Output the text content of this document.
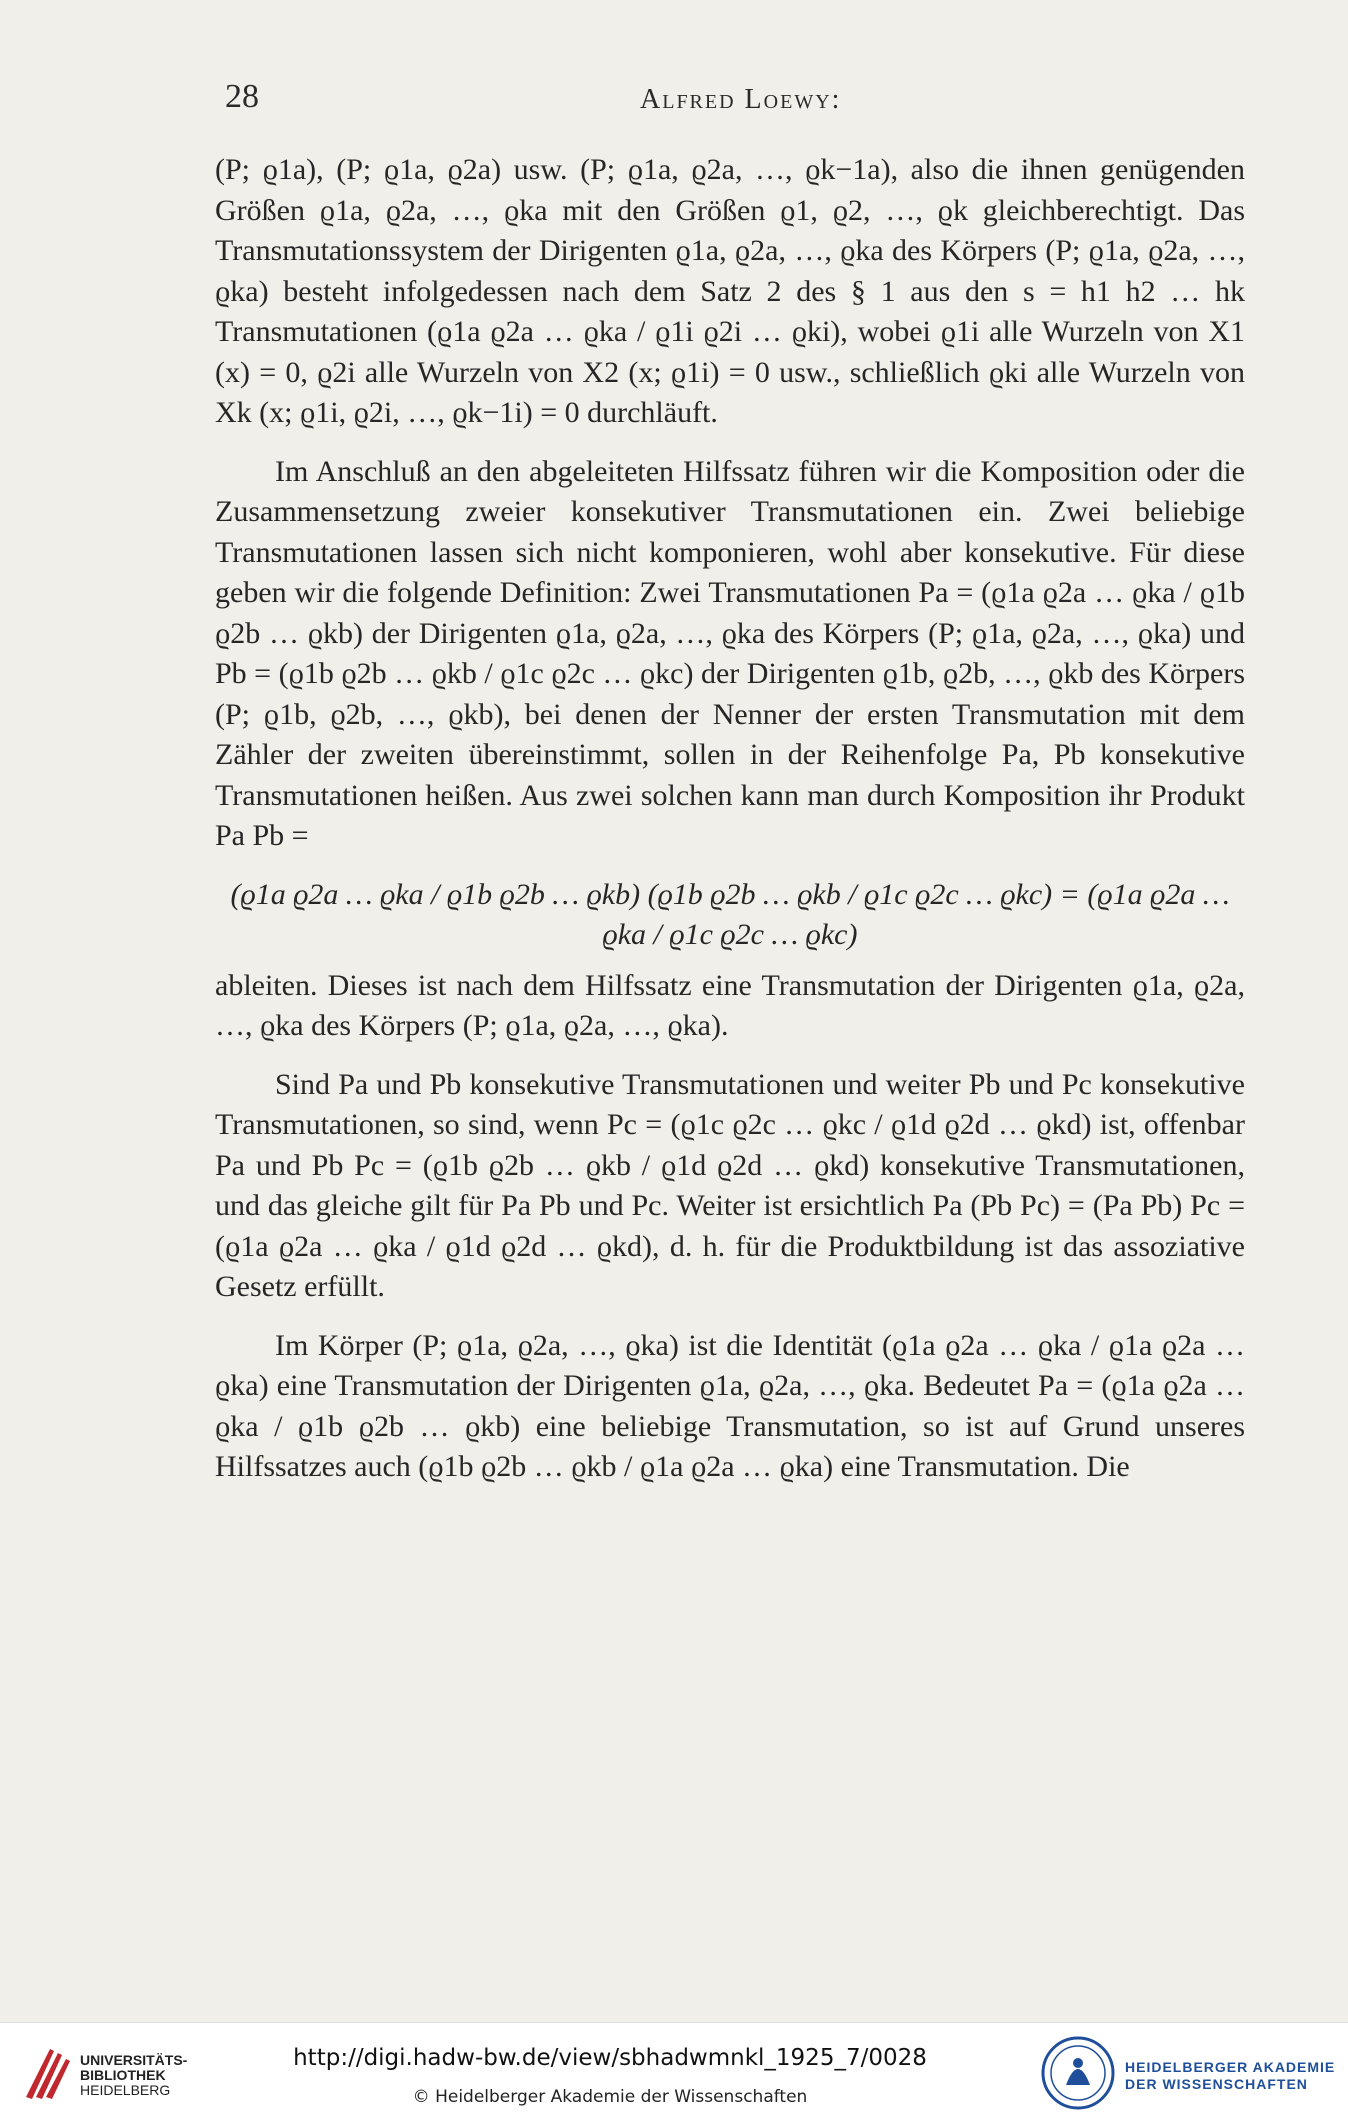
28	Alfred Loewy:

(P; ϱ1a), (P; ϱ1a, ϱ2a) usw. (P; ϱ1a, ϱ2a, …, ϱk−1a), also die ihnen genügenden Größen ϱ1a, ϱ2a, …, ϱka mit den Größen ϱ1, ϱ2, …, ϱk gleichberechtigt. Das Transmutationssystem der Dirigenten ϱ1a, ϱ2a, …, ϱka des Körpers (P; ϱ1a, ϱ2a, …, ϱka) besteht infolgedessen nach dem Satz 2 des § 1 aus den s = h1 h2 … hk Transmutationen (ϱ1a ϱ2a … ϱka / ϱ1i ϱ2i … ϱki), wobei ϱ1i alle Wurzeln von X1 (x) = 0, ϱ2i alle Wurzeln von X2 (x; ϱ1i) = 0 usw., schließlich ϱki alle Wurzeln von Xk (x; ϱ1i, ϱ2i, …, ϱk−1i) = 0 durchläuft.

Im Anschluß an den abgeleiteten Hilfssatz führen wir die Komposition oder die Zusammensetzung zweier konsekutiver Transmutationen ein. Zwei beliebige Transmutationen lassen sich nicht komponieren, wohl aber konsekutive. Für diese geben wir die folgende Definition: Zwei Transmutationen Pa = (ϱ1a ϱ2a … ϱka / ϱ1b ϱ2b … ϱkb) der Dirigenten ϱ1a, ϱ2a, …, ϱka des Körpers (P; ϱ1a, ϱ2a, …, ϱka) und Pb = (ϱ1b ϱ2b … ϱkb / ϱ1c ϱ2c … ϱkc) der Dirigenten ϱ1b, ϱ2b, …, ϱkb des Körpers (P; ϱ1b, ϱ2b, …, ϱkb), bei denen der Nenner der ersten Transmutation mit dem Zähler der zweiten übereinstimmt, sollen in der Reihenfolge Pa, Pb konsekutive Transmutationen heißen. Aus zwei solchen kann man durch Komposition ihr Produkt Pa Pb =

(ϱ1a ϱ2a … ϱka / ϱ1b ϱ2b … ϱkb) (ϱ1b ϱ2b … ϱkb / ϱ1c ϱ2c … ϱkc) = (ϱ1a ϱ2a … ϱka / ϱ1c ϱ2c … ϱkc)

ableiten. Dieses ist nach dem Hilfssatz eine Transmutation der Dirigenten ϱ1a, ϱ2a, …, ϱka des Körpers (P; ϱ1a, ϱ2a, …, ϱka).

Sind Pa und Pb konsekutive Transmutationen und weiter Pb und Pc konsekutive Transmutationen, so sind, wenn Pc = (ϱ1c ϱ2c … ϱkc / ϱ1d ϱ2d … ϱkd) ist, offenbar Pa und Pb Pc = (ϱ1b ϱ2b … ϱkb / ϱ1d ϱ2d … ϱkd) konsekutive Transmutationen, und das gleiche gilt für Pa Pb und Pc. Weiter ist ersichtlich Pa (Pb Pc) = (Pa Pb) Pc = (ϱ1a ϱ2a … ϱka / ϱ1d ϱ2d … ϱkd), d. h. für die Produktbildung ist das assoziative Gesetz erfüllt.

Im Körper (P; ϱ1a, ϱ2a, …, ϱka) ist die Identität (ϱ1a ϱ2a … ϱka / ϱ1a ϱ2a … ϱka) eine Transmutation der Dirigenten ϱ1a, ϱ2a, …, ϱka. Bedeutet Pa = (ϱ1a ϱ2a … ϱka / ϱ1b ϱ2b … ϱkb) eine beliebige Transmutation, so ist auf Grund unseres Hilfssatzes auch (ϱ1b ϱ2b … ϱkb / ϱ1a ϱ2a … ϱka) eine Transmutation. Die

UNIVERSITÄTS-
BIBLIOTHEK
HEIDELBERG
http://digi.hadw-bw.de/view/sbhadwmnkl_1925_7/0028
© Heidelberger Akademie der Wissenschaften
HEIDELBERGER AKADEMIE
DER WISSENSCHAFTEN
